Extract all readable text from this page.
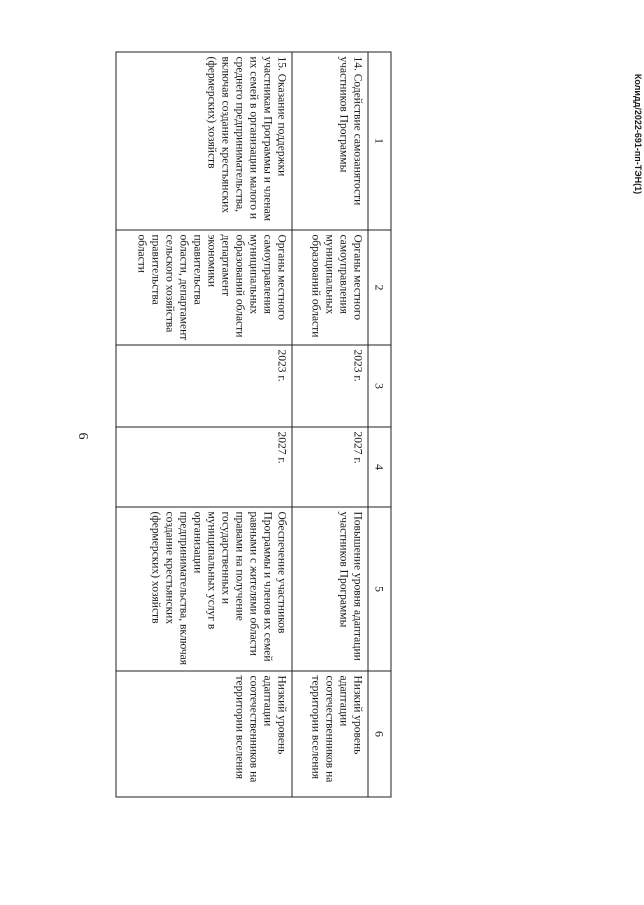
6
Колидд/2022-691-пп-ТЭН(1)
1	2	3	4	5	6
14. Содействие самозанятости участников Программы	Органы местного самоуправления муниципальных образований области	2023 г.	2027 г.	Повышение уровня адаптации участников Программы	Низкий уровень адаптации соотечественников на территории вселения
15. Оказание поддержки участникам Программы и членам их семей в организации малого и среднего предпринимательства, включая создание крестьянских (фермерских) хозяйств	Органы местного самоуправления муниципальных образований области департамент экономики правительства области, департамент сельского хозяйства правительства области	2023 г.	2027 г.	Обеспечение участников Программы и членов их семей равными с жителями области правами на получение государственных и муниципальных услуг в организации предпринимательства, включая создание крестьянских (фермерских) хозяйств	Низкий уровень адаптации соотечественников на территории вселения
